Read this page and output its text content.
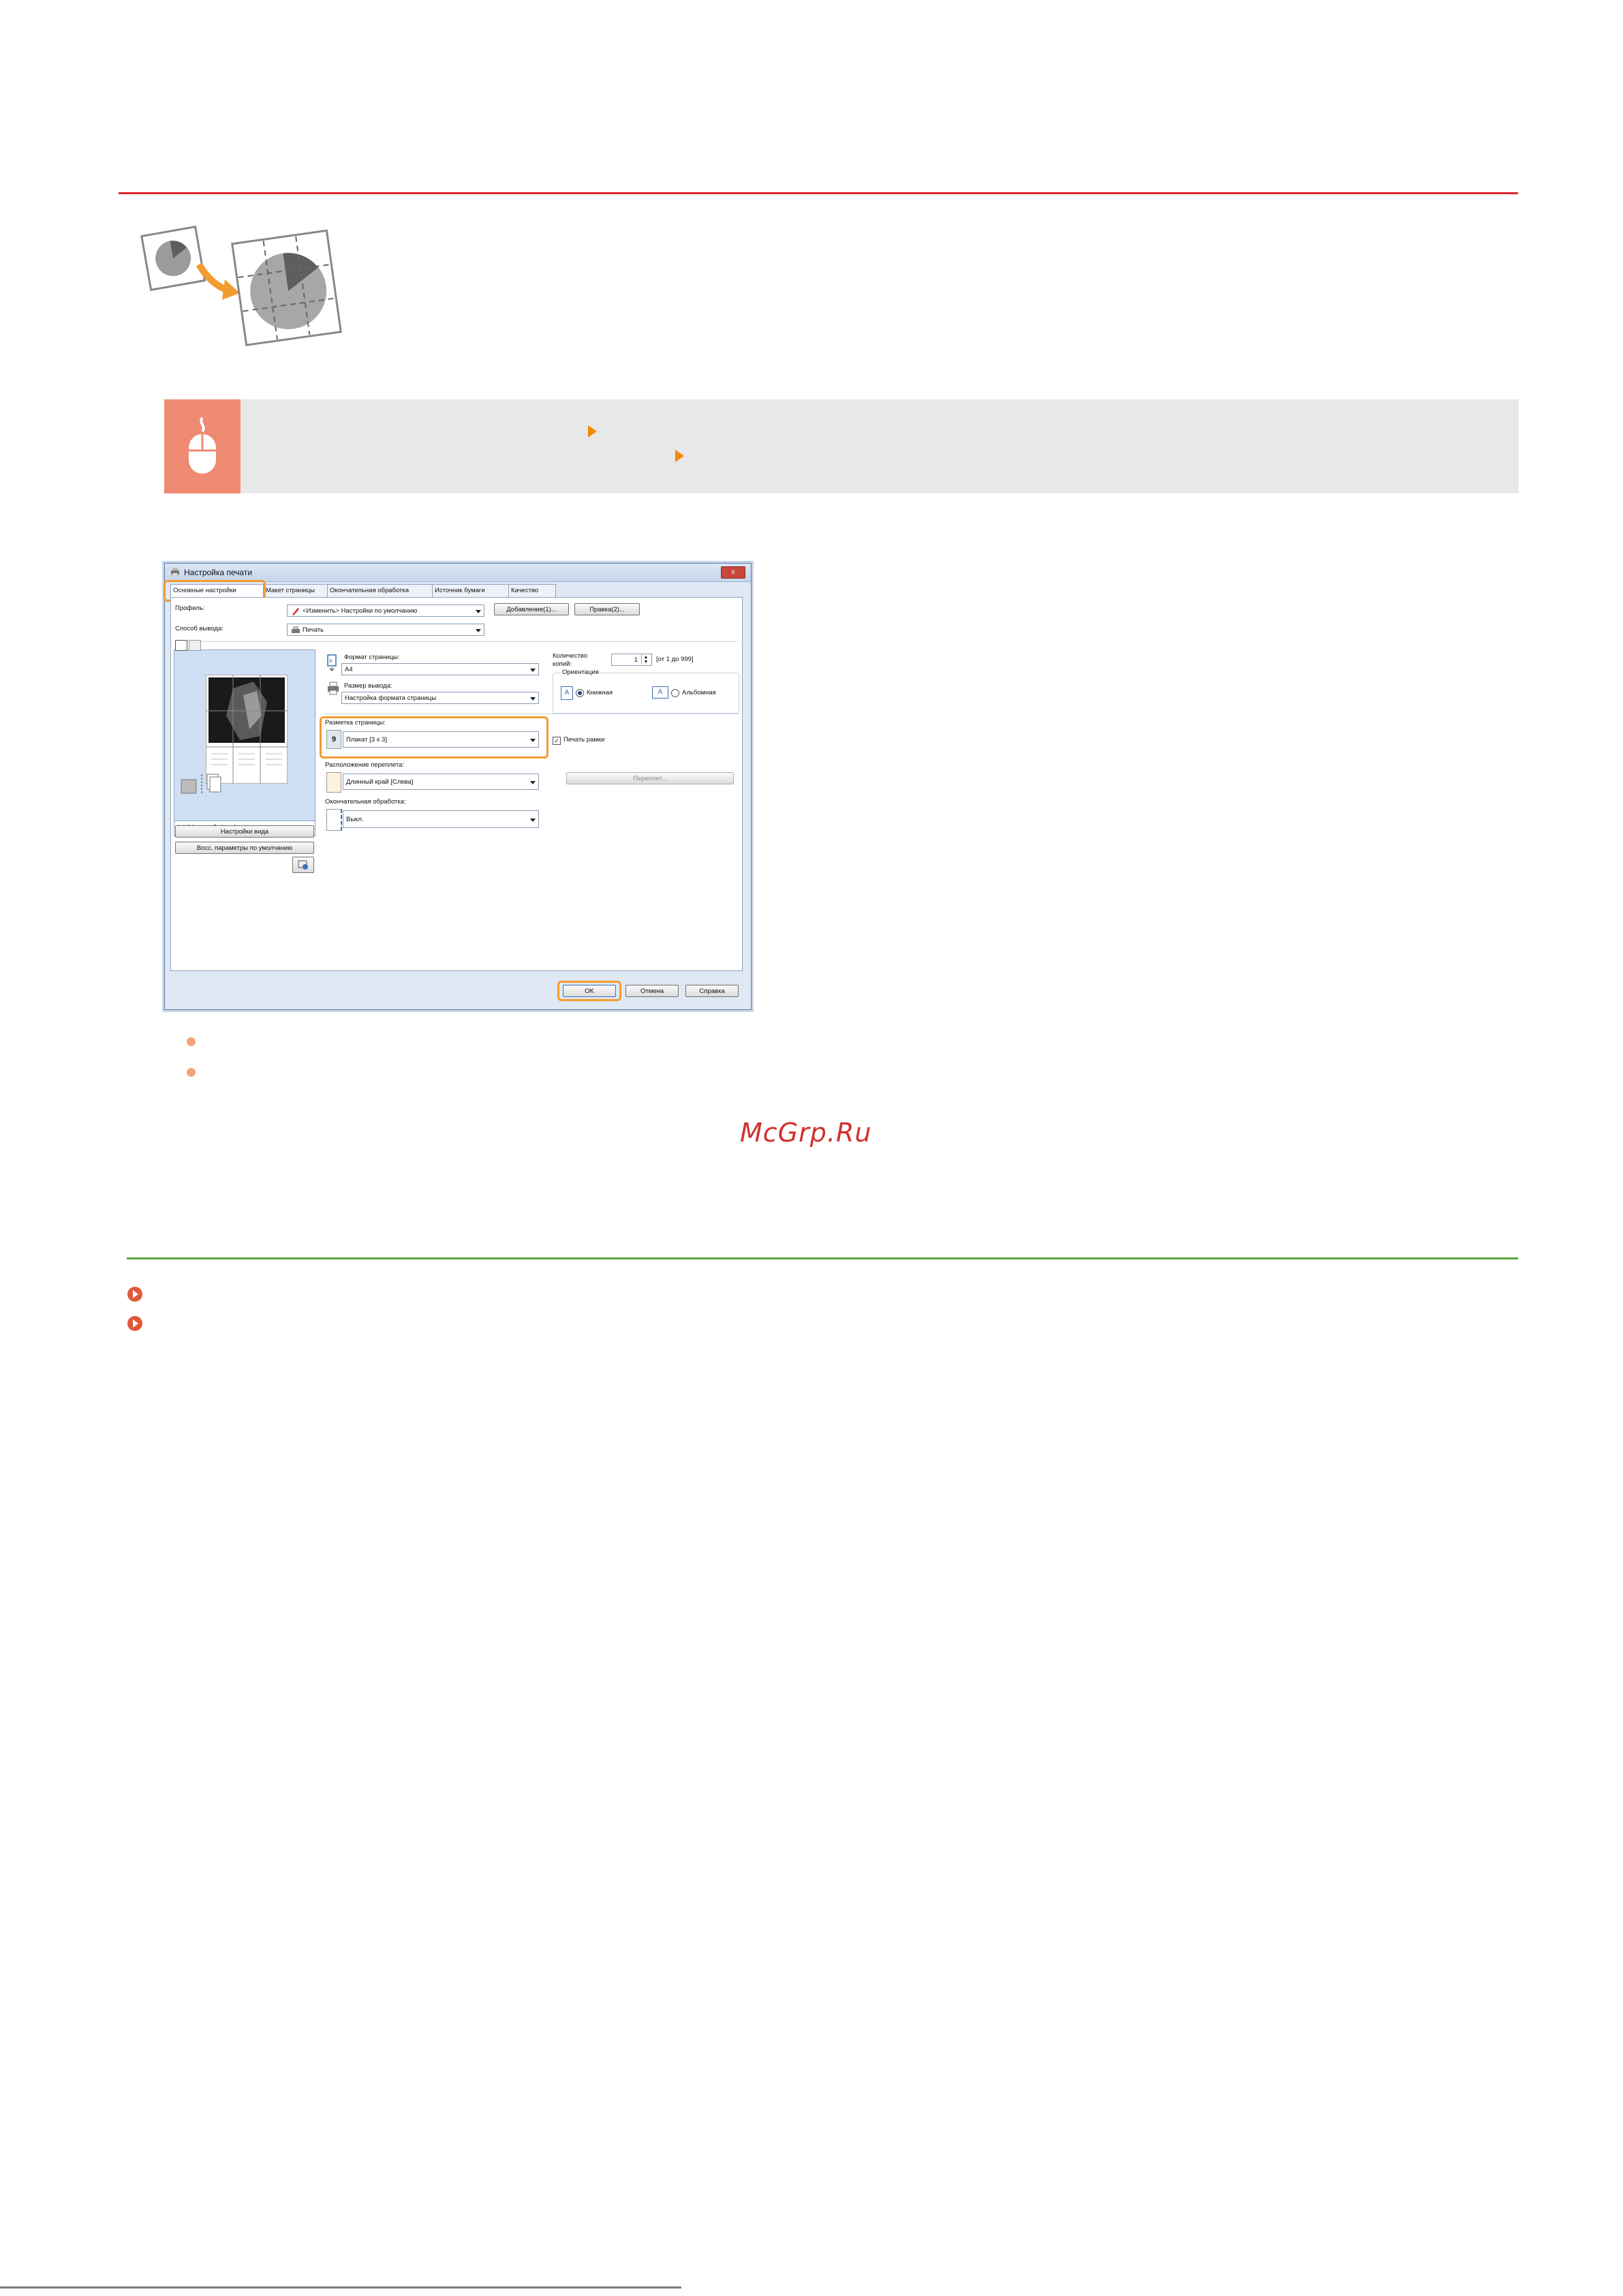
Настройка печати	x
Основные настройки	Макет страницы	Окончательная обработка	Источник бумаги	Качество
Профиль:	<Изменить> Настройки по умолчанию	Добавление(1)...	Правка(2)...
Способ вывода:	Печать
Настройки вида
Восс. параметры по умолчанию
A
Формат страницы:
A4
Размер вывода:
Настройка формата страницы
Количество
копий:
1	▲
▼ [от 1 до 999]
Ориентация
A	Книжная	A	Альбомная
Разметка страницы:
9	Плакат [3 x 3]	✓ Печать рамки
Расположение переплета:
Длинный край [Слева]	Переплет...
Окончательная обработка:
Выкл.
OK	Отмена	Справка
McGrp.Ru
